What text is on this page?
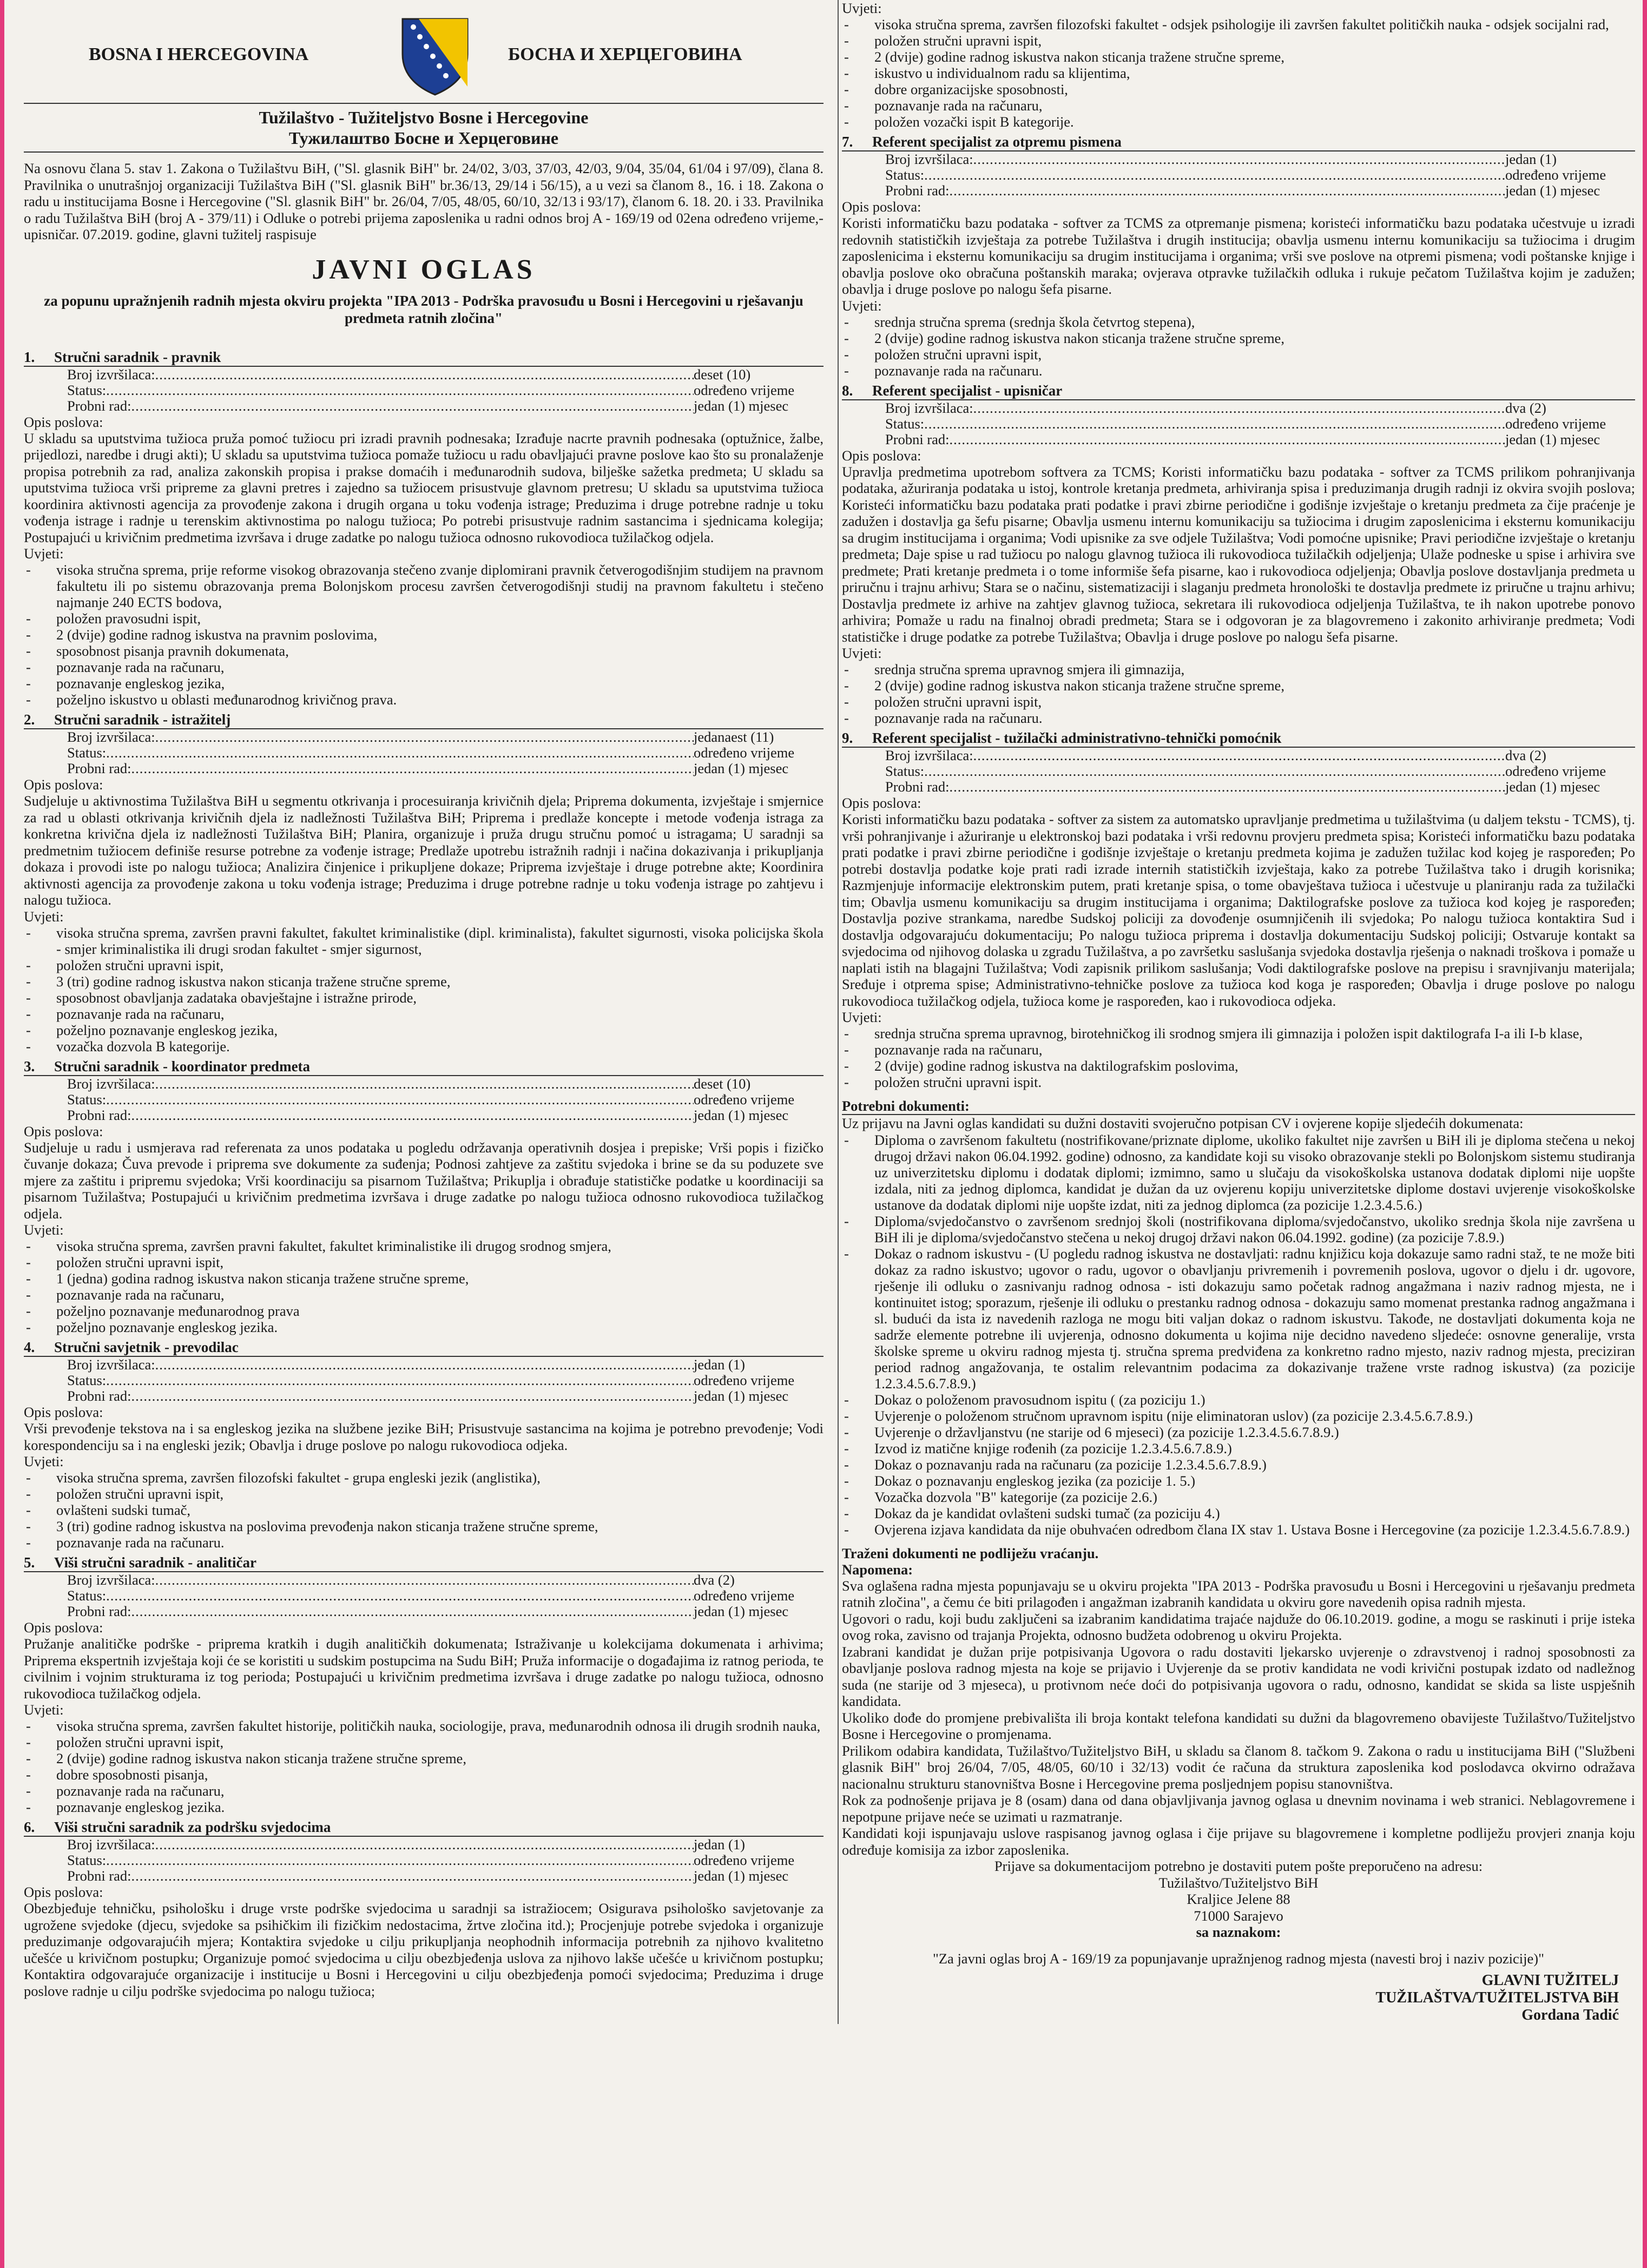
BOSNA I HERCEGOVINA	БОСНА И ХЕРЦЕГОВИНА
Tužilaštvo - Tužiteljstvo Bosne i Hercegovine
Тужилаштво Босне и Херцеговине

Na osnovu člana 5. stav 1. Zakona o Tužilaštvu BiH, ("Sl. glasnik BiH" br. 24/02, 3/03, 37/03, 42/03, 9/04, 35/04, 61/04 i 97/09), člana 8. Pravilnika o unutrašnjoj organizaciji Tužilaštva BiH ("Sl. glasnik BiH" br.36/13, 29/14 i 56/15), a u vezi sa članom 8., 16. i 18. Zakona o radu u institucijama Bosne i Hercegovine ("Sl. glasnik BiH" br. 26/04, 7/05, 48/05, 60/10, 32/13 i 93/17), članom 6. 18. 20. i 33. Pravilnika o radu Tužilaštva BiH (broj A - 379/11) i Odluke o potrebi prijema zaposlenika u radni odnos broj A - 169/19 od 02ena određeno vrijeme,- upisničar. 07.2019. godine, glavni tužitelj raspisuje

JAVNI OGLAS
za popunu upražnjenih radnih mjesta okviru projekta "IPA 2013 - Podrška pravosuđu u Bosni i Hercegovini u rješavanju predmeta ratnih zločina"
1. Stručni saradnik - pravnik
Broj izvršilaca: .....	deset (10)
Status: .....	određeno vrijeme
Probni rad: .....	jedan (1) mjesec

Opis poslova:

U skladu sa uputstvima tužioca pruža pomoć tužiocu pri izradi pravnih podnesaka; Izrađuje nacrte pravnih podnesaka (optužnice, žalbe, prijedlozi, naredbe i drugi akti); U skladu sa uputstvima tužioca pomaže tužiocu u radu obavljajući pravne poslove kao što su pronalaženje propisa potrebnih za rad, analiza zakonskih propisa i prakse domaćih i međunarodnih sudova, bilješke sažetka predmeta; U skladu sa uputstvima tužioca vrši pripreme za glavni pretres i zajedno sa tužiocem prisustvuje glavnom pretresu; U skladu sa uputstvima tužioca koordinira aktivnosti agencija za provođenje zakona i drugih organa u toku vođenja istrage; Preduzima i druge potrebne radnje u toku vođenja istrage i radnje u terenskim aktivnostima po nalogu tužioca; Po potrebi prisustvuje radnim sastancima i sjednicama kolegija; Postupajući u krivičnim predmetima izvršava i druge zadatke po nalogu tužioca odnosno rukovodioca tužilačkog odjela.

Uvjeti:

- visoka stručna sprema, prije reforme visokog obrazovanja stečeno zvanje diplomirani pravnik četverogodišnjim studijem na pravnom fakultetu ili po sistemu obrazovanja prema Bolonjskom procesu završen četverogodišnji studij na pravnom fakultetu i stečeno najmanje 240 ECTS bodova,
- položen pravosudni ispit,
- 2 (dvije) godine radnog iskustva na pravnim poslovima,
- sposobnost pisanja pravnih dokumenata,
- poznavanje rada na računaru,
- poznavanje engleskog jezika,
- poželjno iskustvo u oblasti međunarodnog krivičnog prava.
2. Stručni saradnik - istražitelj
Broj izvršilaca: .....	jedanaest (11)
Status: .....	određeno vrijeme
Probni rad: .....	jedan (1) mjesec

Opis poslova:

Sudjeluje u aktivnostima Tužilaštva BiH u segmentu otkrivanja i procesuiranja krivičnih djela; Priprema dokumenta, izvještaje i smjernice za rad u oblasti otkrivanja krivičnih djela iz nadležnosti Tužilaštva BiH; Priprema i predlaže koncepte i metode vođenja istraga za konkretna krivična djela iz nadležnosti Tužilaštva BiH; Planira, organizuje i pruža drugu stručnu pomoć u istragama; U saradnji sa predmetnim tužiocem definiše resurse potrebne za vođenje istrage; Predlaže upotrebu istražnih radnji i načina dokazivanja i prikupljanja dokaza i provodi iste po nalogu tužioca; Analizira činjenice i prikupljene dokaze; Priprema izvještaje i druge potrebne akte; Koordinira aktivnosti agencija za provođenje zakona u toku vođenja istrage; Preduzima i druge potrebne radnje u toku vođenja istrage po zahtjevu i nalogu tužioca.

Uvjeti:

- visoka stručna sprema, završen pravni fakultet, fakultet kriminalistike (dipl. kriminalista), fakultet sigurnosti, visoka policijska škola - smjer kriminalistika ili drugi srodan fakultet - smjer sigurnost,
- položen stručni upravni ispit,
- 3 (tri) godine radnog iskustva nakon sticanja tražene stručne spreme,
- sposobnost obavljanja zadataka obavještajne i istražne prirode,
- poznavanje rada na računaru,
- poželjno poznavanje engleskog jezika,
- vozačka dozvola B kategorije.
3. Stručni saradnik - koordinator predmeta
Broj izvršilaca: .....	deset (10)
Status: .....	određeno vrijeme
Probni rad: .....	jedan (1) mjesec

Opis poslova:

Sudjeluje u radu i usmjerava rad referenata za unos podataka u pogledu održavanja operativnih dosjea i prepiske; Vrši popis i fizičko čuvanje dokaza; Čuva prevode i priprema sve dokumente za suđenja; Podnosi zahtjeve za zaštitu svjedoka i brine se da su poduzete sve mjere za zaštitu i pripremu svjedoka; Vrši koordinaciju sa pisarnom Tužilaštva; Prikuplja i obrađuje statističke podatke u koordinaciji sa pisarnom Tužilaštva; Postupajući u krivičnim predmetima izvršava i druge zadatke po nalogu tužioca odnosno rukovodioca tužilačkog odjela.

Uvjeti:

- visoka stručna sprema, završen pravni fakultet, fakultet kriminalistike ili drugog srodnog smjera,
- položen stručni upravni ispit,
- 1 (jedna) godina radnog iskustva nakon sticanja tražene stručne spreme,
- poznavanje rada na računaru,
- poželjno poznavanje međunarodnog prava
- poželjno poznavanje engleskog jezika.
4. Stručni savjetnik - prevodilac
Broj izvršilaca: .....	jedan (1)
Status: .....	određeno vrijeme
Probni rad: .....	jedan (1) mjesec

Opis poslova:

Vrši prevođenje tekstova na i sa engleskog jezika na službene jezike BiH; Prisustvuje sastancima na kojima je potrebno prevođenje; Vodi korespondenciju sa i na engleski jezik; Obavlja i druge poslove po nalogu rukovodioca odjeka.

Uvjeti:

- visoka stručna sprema, završen filozofski fakultet - grupa engleski jezik (anglistika),
- položen stručni upravni ispit,
- ovlašteni sudski tumač,
- 3 (tri) godine radnog iskustva na poslovima prevođenja nakon sticanja tražene stručne spreme,
- poznavanje rada na računaru.
5. Viši stručni saradnik - analitičar
Broj izvršilaca: .....	dva (2)
Status: .....	određeno vrijeme
Probni rad: .....	jedan (1) mjesec

Opis poslova:

Pružanje analitičke podrške - priprema kratkih i dugih analitičkih dokumenata; Istraživanje u kolekcijama dokumenata i arhivima; Priprema ekspertnih izvještaja koji će se koristiti u sudskim postupcima na Sudu BiH; Pruža informacije o događajima iz ratnog perioda, te civilnim i vojnim strukturama iz tog perioda; Postupajući u krivičnim predmetima izvršava i druge zadatke po nalogu tužioca, odnosno rukovodioca tužilačkog odjela.

Uvjeti:

- visoka stručna sprema, završen fakultet historije, političkih nauka, sociologije, prava, međunarodnih odnosa ili drugih srodnih nauka,
- položen stručni upravni ispit,
- 2 (dvije) godine radnog iskustva nakon sticanja tražene stručne spreme,
- dobre sposobnosti pisanja,
- poznavanje rada na računaru,
- poznavanje engleskog jezika.
6. Viši stručni saradnik za podršku svjedocima
Broj izvršilaca: .....	jedan (1)
Status: .....	određeno vrijeme
Probni rad: .....	jedan (1) mjesec

Opis poslova:

Obezbjeđuje tehničku, psihološku i druge vrste podrške svjedocima u saradnji sa istražiocem; Osigurava psihološko savjetovanje za ugrožene svjedoke (djecu, svjedoke sa psihičkim ili fizičkim nedostacima, žrtve zločina itd.); Procjenjuje potrebe svjedoka i organizuje preduzimanje odgovarajućih mjera; Kontaktira svjedoke u cilju prikupljanja neophodnih informacija potrebnih za njihovo kvalitetno učešće u krivičnom postupku; Organizuje pomoć svjedocima u cilju obezbjeđenja uslova za njihovo lakše učešće u krivičnom postupku; Kontaktira odgovarajuće organizacije i institucije u Bosni i Hercegovini u cilju obezbjeđenja pomoći svjedocima; Preduzima i druge poslove radnje u cilju podrške svjedocima po nalogu tužioca;

Uvjeti:

- visoka stručna sprema, završen filozofski fakultet - odsjek psihologije ili završen fakultet političkih nauka - odsjek socijalni rad,
- položen stručni upravni ispit,
- 2 (dvije) godine radnog iskustva nakon sticanja tražene stručne spreme,
- iskustvo u individualnom radu sa klijentima,
- dobre organizacijske sposobnosti,
- poznavanje rada na računaru,
- položen vozački ispit B kategorije.
7. Referent specijalist za otpremu pismena
Broj izvršilaca: .....	jedan (1)
Status: .....	određeno vrijeme
Probni rad: .....	jedan (1) mjesec

Opis poslova:

Koristi informatičku bazu podataka - softver za TCMS za otpremanje pismena; koristeći informatičku bazu podataka učestvuje u izradi redovnih statističkih izvještaja za potrebe Tužilaštva i drugih institucija; obavlja usmenu internu komunikaciju sa tužiocima i drugim zaposlenicima i eksternu komunikaciju sa drugim institucijama i organima; vrši sve poslove na otpremi pismena; vodi poštanske knjige i obavlja poslove oko obračuna poštanskih maraka; ovjerava otpravke tužilačkih odluka i rukuje pečatom Tužilaštva kojim je zadužen; obavlja i druge poslove po nalogu šefa pisarne.

Uvjeti:

- srednja stručna sprema (srednja škola četvrtog stepena),
- 2 (dvije) godine radnog iskustva nakon sticanja tražene stručne spreme,
- položen stručni upravni ispit,
- poznavanje rada na računaru.
8. Referent specijalist - upisničar
Broj izvršilaca: .....	dva (2)
Status: .....	određeno vrijeme
Probni rad: .....	jedan (1) mjesec

Opis poslova:

Upravlja predmetima upotrebom softvera za TCMS; Koristi informatičku bazu podataka - softver za TCMS prilikom pohranjivanja podataka, ažuriranja podataka u istoj, kontrole kretanja predmeta, arhiviranja spisa i preduzimanja drugih radnji iz okvira svojih poslova; Koristeći informatičku bazu podataka prati podatke i pravi zbirne periodične i godišnje izvještaje o kretanju predmeta za čije praćenje je zadužen i dostavlja ga šefu pisarne; Obavlja usmenu internu komunikaciju sa tužiocima i drugim zaposlenicima i eksternu komunikaciju sa drugim institucijama i organima; Vodi upisnike za sve odjele Tužilaštva; Vodi pomoćne upisnike; Pravi periodične izvještaje o kretanju predmeta; Daje spise u rad tužiocu po nalogu glavnog tužioca ili rukovodioca tužilačkih odjeljenja; Ulaže podneske u spise i arhivira sve predmete; Prati kretanje predmeta i o tome informiše šefa pisarne, kao i rukovodioca odjeljenja; Obavlja poslove dostavljanja predmeta u priručnu i trajnu arhivu; Stara se o načinu, sistematizaciji i slaganju predmeta hronološki te dostavlja predmete iz priručne u trajnu arhivu; Dostavlja predmete iz arhive na zahtjev glavnog tužioca, sekretara ili rukovodioca odjeljenja Tužilaštva, te ih nakon upotrebe ponovo arhivira; Pomaže u radu na finalnoj obradi predmeta; Stara se i odgovoran je za blagovremeno i zakonito arhiviranje predmeta; Vodi statističke i druge podatke za potrebe Tužilaštva; Obavlja i druge poslove po nalogu šefa pisarne.

Uvjeti:

- srednja stručna sprema upravnog smjera ili gimnazija,
- 2 (dvije) godine radnog iskustva nakon sticanja tražene stručne spreme,
- položen stručni upravni ispit,
- poznavanje rada na računaru.
9. Referent specijalist - tužilački administrativno-tehnički pomoćnik
Broj izvršilaca: .....	dva (2)
Status: .....	određeno vrijeme
Probni rad: .....	jedan (1) mjesec

Opis poslova:

Koristi informatičku bazu podataka - softver za sistem za automatsko upravljanje predmetima u tužilaštvima (u daljem tekstu - TCMS), tj. vrši pohranjivanje i ažuriranje u elektronskoj bazi podataka i vrši redovnu provjeru predmeta spisa; Koristeći informatičku bazu podataka prati podatke i pravi zbirne periodične i godišnje izvještaje o kretanju predmeta kojima je zadužen tužilac kod kojeg je raspoređen; Po potrebi dostavlja podatke koje prati radi izrade internih statističkih izvještaja, kako za potrebe Tužilaštva tako i drugih korisnika; Razmjenjuje informacije elektronskim putem, prati kretanje spisa, o tome obavještava tužioca i učestvuje u planiranju rada za tužilački tim; Obavlja usmenu komunikaciju sa drugim institucijama i organima; Daktilografske poslove za tužioca kod kojeg je raspoređen; Dostavlja pozive strankama, naredbe Sudskoj policiji za dovođenje osumnjičenih ili svjedoka; Po nalogu tužioca kontaktira Sud i dostavlja odgovarajuću dokumentaciju; Po nalogu tužioca priprema i dostavlja dokumentaciju Sudskoj policiji; Ostvaruje kontakt sa svjedocima od njihovog dolaska u zgradu Tužilaštva, a po završetku saslušanja svjedoka dostavlja rješenja o naknadi troškova i pomaže u naplati istih na blagajni Tužilaštva; Vodi zapisnik prilikom saslušanja; Vodi daktilografske poslove na prepisu i sravnjivanju materijala; Sređuje i otprema spise; Administrativno-tehničke poslove za tužioca kod koga je raspoređen; Obavlja i druge poslove po nalogu rukovodioca tužilačkog odjela, tužioca kome je raspoređen, kao i rukovodioca odjeka.

Uvjeti:

- srednja stručna sprema upravnog, birotehničkog ili srodnog smjera ili gimnazija i položen ispit daktilografa I-a ili I-b klase,
- poznavanje rada na računaru,
- 2 (dvije) godine radnog iskustva na daktilografskim poslovima,
- položen stručni upravni ispit.

Potrebni dokumenti:

Uz prijavu na Javni oglas kandidati su dužni dostaviti svojeručno potpisan CV i ovjerene kopije sljedećih dokumenata:

- Diploma o završenom fakultetu (nostrifikovane/priznate diplome, ukoliko fakultet nije završen u BiH ili je diploma stečena u nekoj drugoj državi nakon 06.04.1992. godine) odnosno, za kandidate koji su visoko obrazovanje stekli po Bolonjskom sistemu studiranja uz univerzitetsku diplomu i dodatak diplomi; izmimno, samo u slučaju da visokoškolska ustanova dodatak diplomi nije uopšte izdala, niti za jednog diplomca, kandidat je dužan da uz ovjerenu kopiju univerzitetske diplome dostavi uvjerenje visokoškolske ustanove da dodatak diplomi nije uopšte izdat, niti za jednog diplomca (za pozicije 1.2.3.4.5.6.)
- Diploma/svjedočanstvo o završenom srednjoj školi (nostrifikovana diploma/svjedočanstvo, ukoliko srednja škola nije završena u BiH ili je diploma/svjedočanstvo stečena u nekoj drugoj državi nakon 06.04.1992. godine) (za pozicije 7.8.9.)
- Dokaz o radnom iskustvu - (U pogledu radnog iskustva ne dostavljati: radnu knjižicu koja dokazuje samo radni staž, te ne može biti dokaz za radno iskustvo; ugovor o radu, ugovor o obavljanju privremenih i povremenih poslova, ugovor o djelu i dr. ugovore, rješenje ili odluku o zasnivanju radnog odnosa - isti dokazuju samo početak radnog angažmana i naziv radnog mjesta, ne i kontinuitet istog; sporazum, rješenje ili odluku o prestanku radnog odnosa - dokazuju samo momenat prestanka radnog angažmana i sl. budući da ista iz navedenih razloga ne mogu biti valjan dokaz o radnom iskustvu. Takođe, ne dostavljati dokumenta koja ne sadrže elemente potrebne ili uvjerenja, odnosno dokumenta u kojima nije decidno navedeno sljedeće: osnovne generalije, vrsta školske spreme u okviru radnog mjesta tj. stručna sprema predviđena za konkretno radno mjesto, naziv radnog mjesta, preciziran period radnog angažovanja, te ostalim relevantnim podacima za dokazivanje tražene vrste radnog iskustva) (za pozicije 1.2.3.4.5.6.7.8.9.)
- Dokaz o položenom pravosudnom ispitu ( (za poziciju 1.)
- Uvjerenje o položenom stručnom upravnom ispitu (nije eliminatoran uslov) (za pozicije 2.3.4.5.6.7.8.9.)
- Uvjerenje o državljanstvu (ne starije od 6 mjeseci) (za pozicije 1.2.3.4.5.6.7.8.9.)
- Izvod iz matične knjige rođenih (za pozicije 1.2.3.4.5.6.7.8.9.)
- Dokaz o poznavanju rada na računaru (za pozicije 1.2.3.4.5.6.7.8.9.)
- Dokaz o poznavanju engleskog jezika (za pozicije 1. 5.)
- Vozačka dozvola "B" kategorije (za pozicije 2.6.)
- Dokaz da je kandidat ovlašteni sudski tumač (za poziciju 4.)
- Ovjerena izjava kandidata da nije obuhvaćen odredbom člana IX stav 1. Ustava Bosne i Hercegovine (za pozicije 1.2.3.4.5.6.7.8.9.)

Traženi dokumenti ne podliježu vraćanju.

Napomena:

Sva oglašena radna mjesta popunjavaju se u okviru projekta "IPA 2013 - Podrška pravosuđu u Bosni i Hercegovini u rješavanju predmeta ratnih zločina", a čemu će biti prilagođen i angažman izabranih kandidata u okviru gore navedenih opisa radnih mjesta.

Ugovori o radu, koji budu zaključeni sa izabranim kandidatima trajaće najduže do 06.10.2019. godine, a mogu se raskinuti i prije isteka ovog roka, zavisno od trajanja Projekta, odnosno budžeta odobrenog u okviru Projekta.

Izabrani kandidat je dužan prije potpisivanja Ugovora o radu dostaviti ljekarsko uvjerenje o zdravstvenoj i radnoj sposobnosti za obavljanje poslova radnog mjesta na koje se prijavio i Uvjerenje da se protiv kandidata ne vodi krivični postupak izdato od nadležnog suda (ne starije od 3 mjeseca), u protivnom neće doći do potpisivanja ugovora o radu, odnosno, kandidat se skida sa liste uspješnih kandidata.

Ukoliko dođe do promjene prebivališta ili broja kontakt telefona kandidati su dužni da blagovremeno obavijeste Tužilaštvo/Tužiteljstvo Bosne i Hercegovine o promjenama.

Prilikom odabira kandidata, Tužilaštvo/Tužiteljstvo BiH, u skladu sa članom 8. tačkom 9. Zakona o radu u institucijama BiH ("Službeni glasnik BiH" broj 26/04, 7/05, 48/05, 60/10 i 32/13) vodit će računa da struktura zaposlenika kod poslodavca okvirno odražava nacionalnu strukturu stanovništva Bosne i Hercegovine prema posljednjem popisu stanovništva.

Rok za podnošenje prijava je 8 (osam) dana od dana objavljivanja javnog oglasa u dnevnim novinama i web stranici. Neblagovremene i nepotpune prijave neće se uzimati u razmatranje.

Kandidati koji ispunjavaju uslove raspisanog javnog oglasa i čije prijave su blagovremene i kompletne podliježu provjeri znanja koju određuje komisija za izbor zaposlenika.

Prijave sa dokumentacijom potrebno je dostaviti putem pošte preporučeno na adresu:

Tužilaštvo/Tužiteljstvo BiH

Kraljice Jelene 88

71000 Sarajevo

sa naznakom:

"Za javni oglas broj A - 169/19 za popunjavanje upražnjenog radnog mjesta (navesti broj i naziv pozicije)"

GLAVNI TUŽITELJ

TUŽILAŠTVA/TUŽITELJSTVA BiH

Gordana Tadić
